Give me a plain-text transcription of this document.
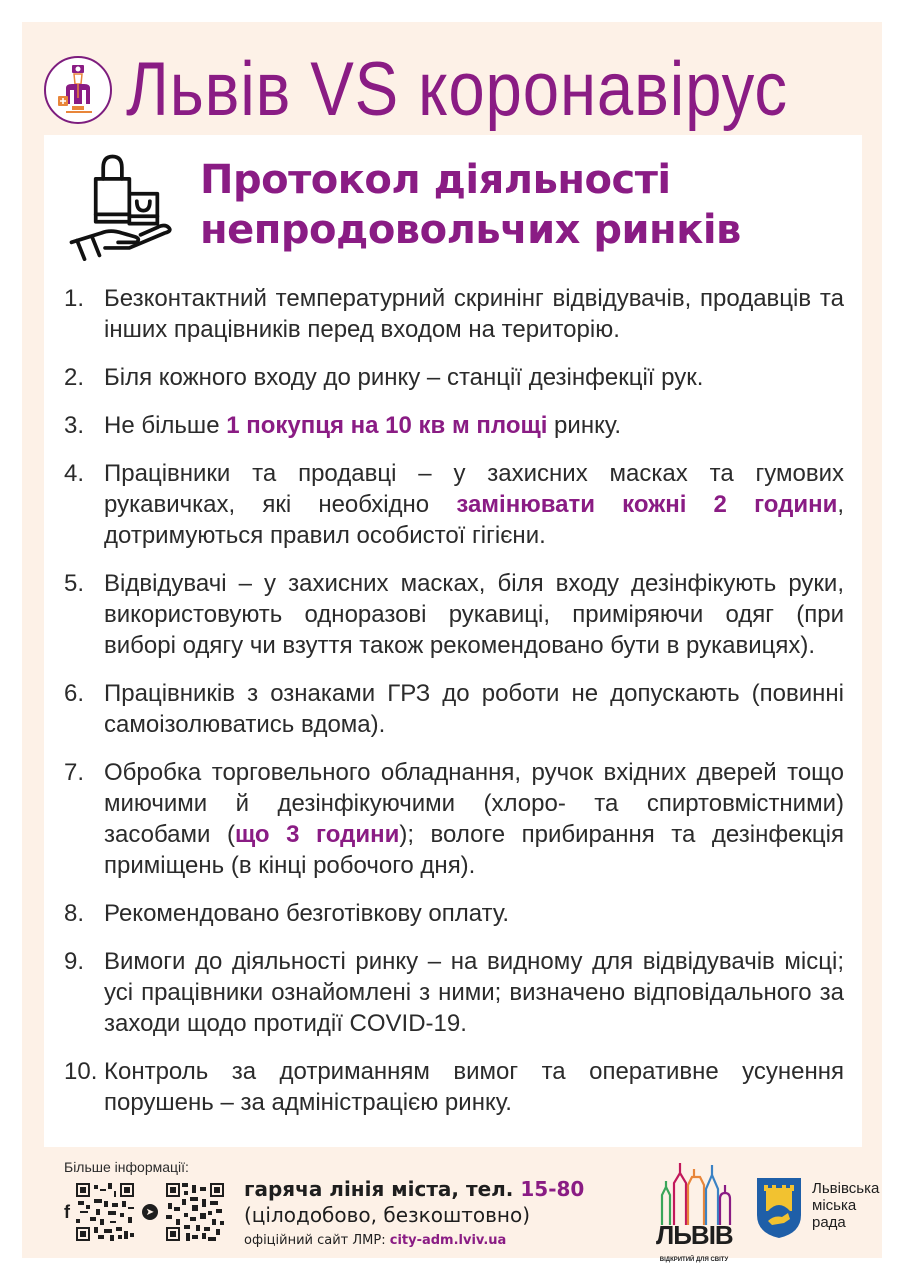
Львів VS коронавірус
Протокол діяльності
непродовольчих ринків
1. Безконтактний температурний скринінг відвідувачів, продавців та інших працівників перед входом на територію.
2. Біля кожного входу до ринку – станції дезінфекції рук.
3. Не більше 1 покупця на 10 кв м площі ринку.
4. Працівники та продавці – у захисних масках та гумових рукавичках, які необхідно замінювати кожні 2 години, дотримуються правил особистої гігієни.
5. Відвідувачі – у захисних масках, біля входу дезінфікують руки, використовують одноразові рукавиці, приміряючи одяг (при виборі одягу чи взуття також рекомендовано бути в рукавицях).
6. Працівників з ознаками ГРЗ до роботи не допускають (повинні самоізолюватись вдома).
7. Обробка торговельного обладнання, ручок вхідних дверей тощо миючими й дезінфікуючими (хлоро- та спиртовмістними) засобами (що 3 години); вологе прибирання та дезінфекція приміщень (в кінці робочого дня).
8. Рекомендовано безготівкову оплату.
9. Вимоги до діяльності ринку – на видному для відвідувачів місці; усі працівники ознайомлені з ними; визначено відповідального за заходи щодо протидії COVID-19.
10. Контроль за дотриманням вимог та оперативне усунення порушень – за адміністрацією ринку.
Більше інформації:
f	➤
гаряча лінія міста, тел. 15-80
(цілодобово, безкоштовно)
офіційний сайт ЛМР: city-adm.lviv.ua	ЛЬВІВ
ВІДКРИТИЙ ДЛЯ СВІТУ
Львівська
міська
рада
